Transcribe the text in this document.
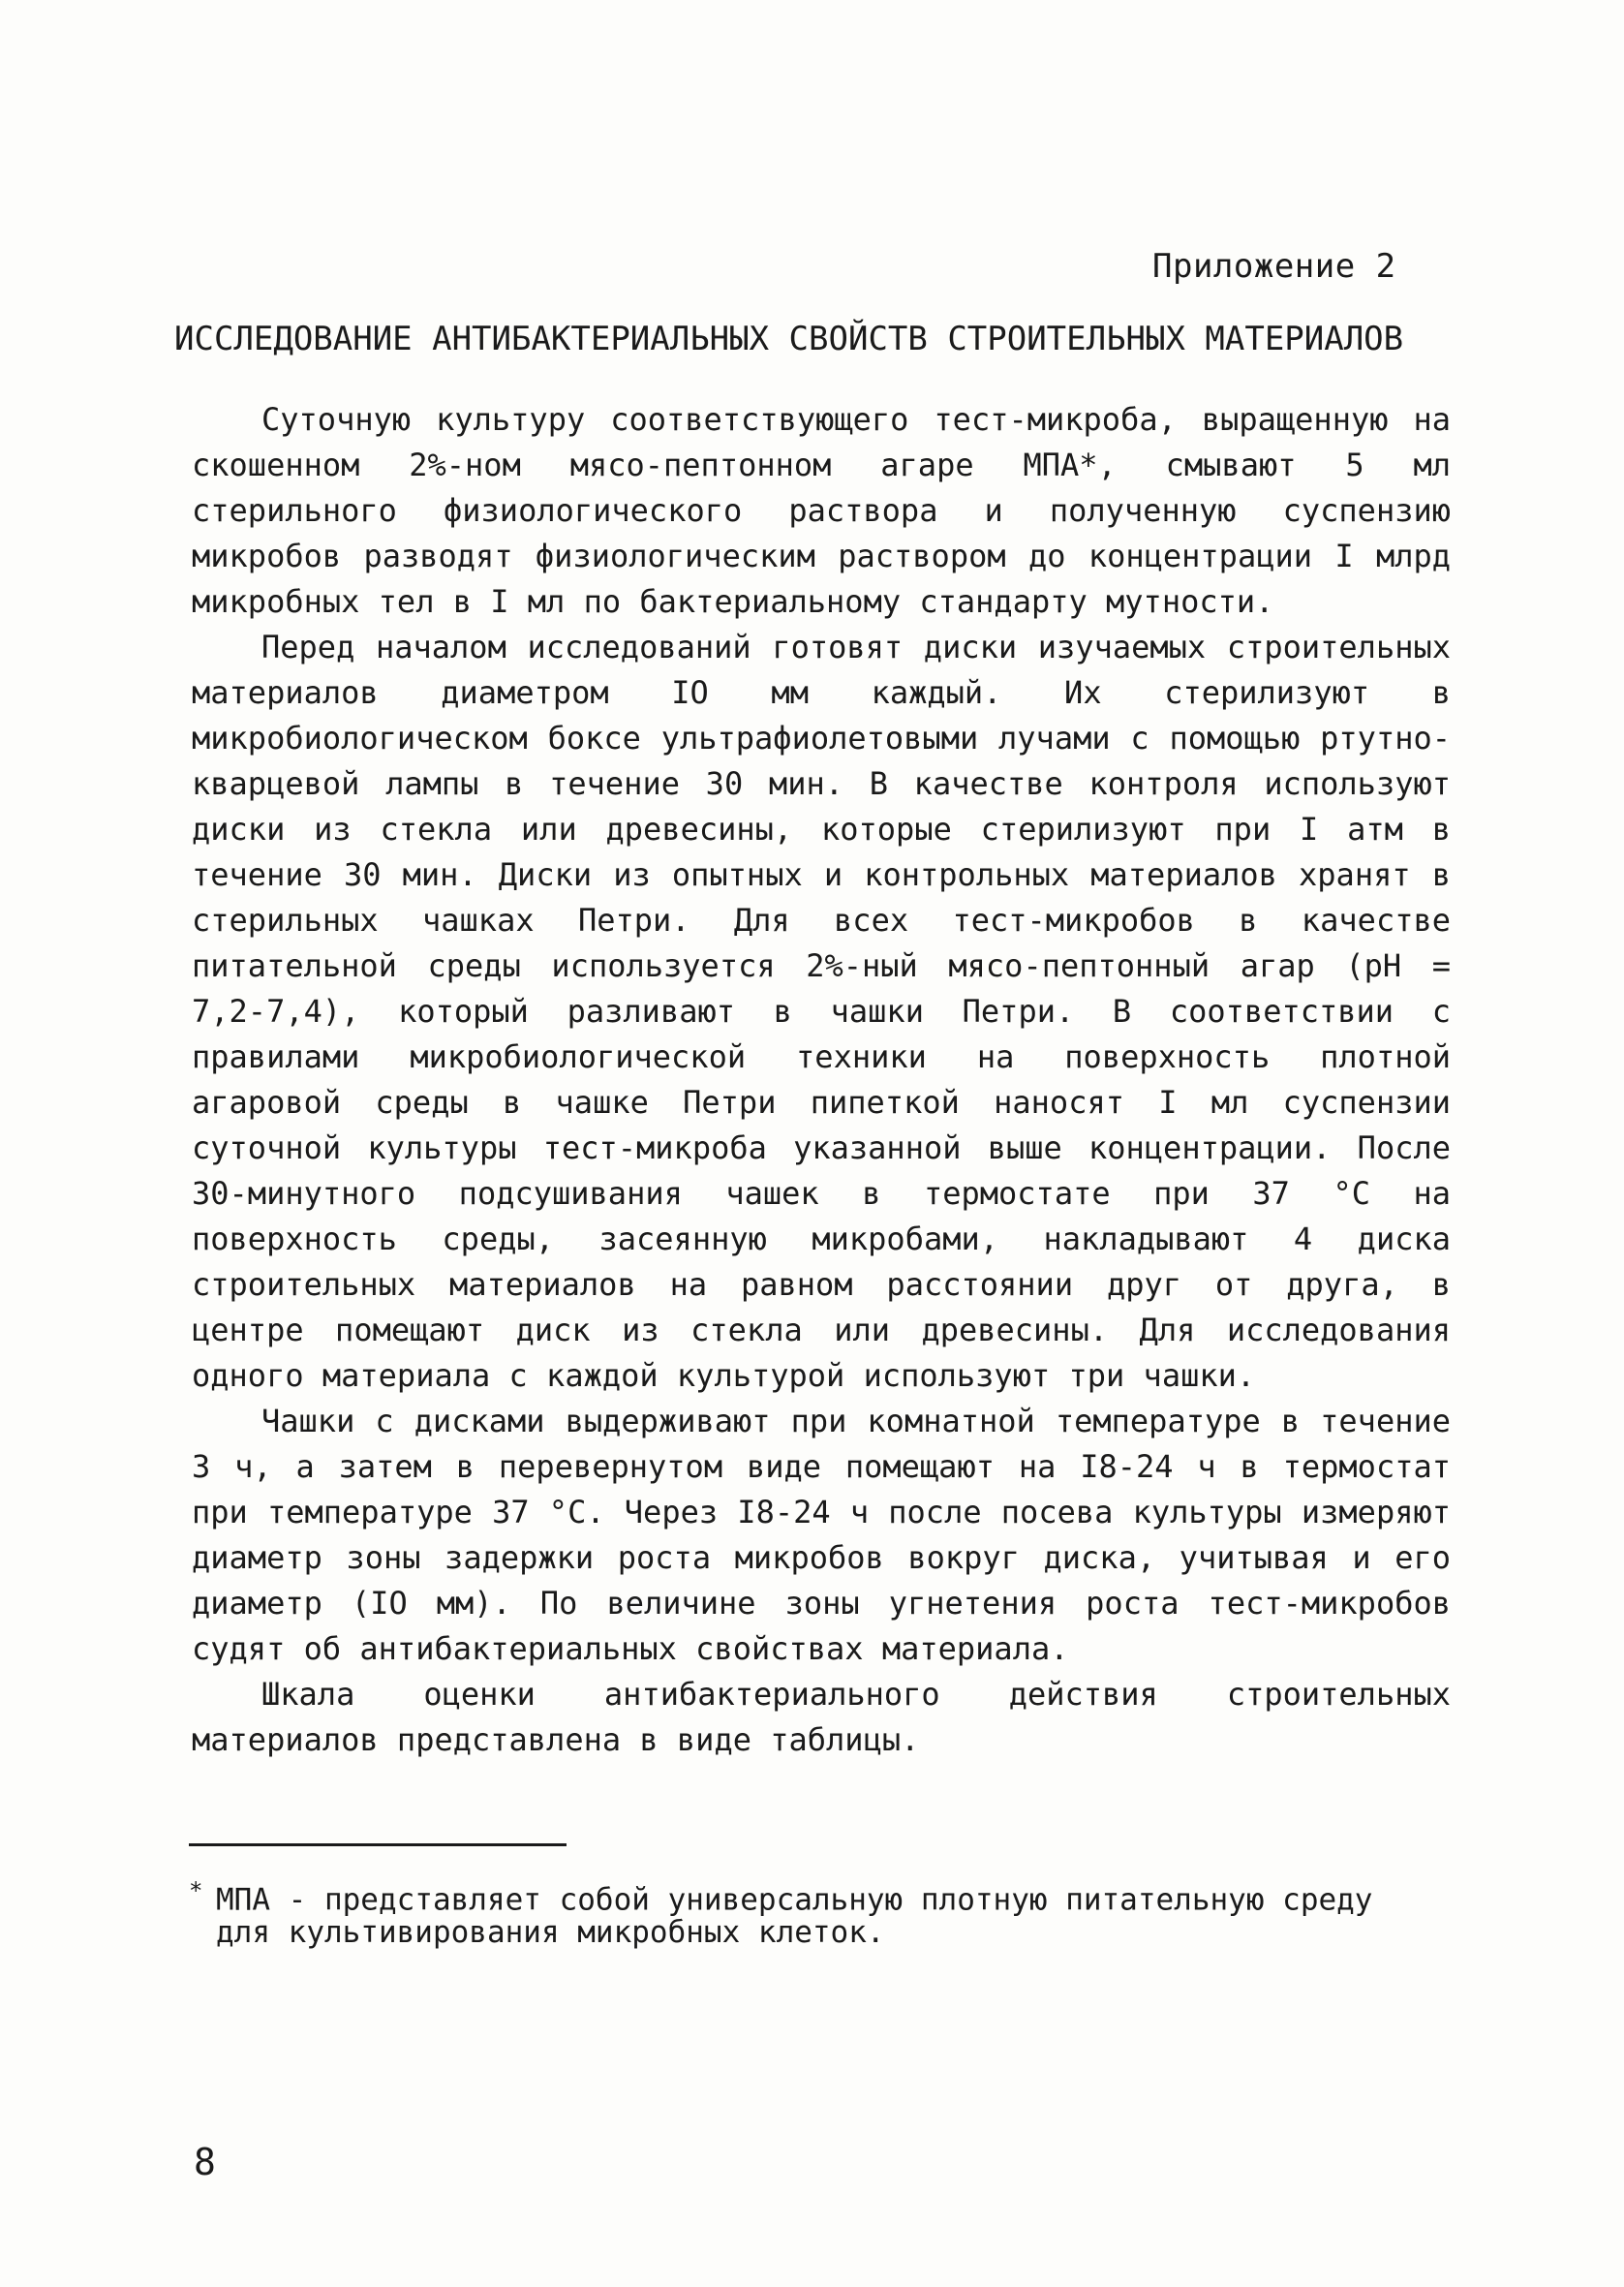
Приложение 2
ИССЛЕДОВАНИЕ АНТИБАКТЕРИАЛЬНЫХ СВОЙСТВ СТРОИТЕЛЬНЫХ МАТЕРИАЛОВ

Суточную культуру соответствующего тест-микроба, выращенную на скошенном 2%-ном мясо-пептонном агаре МПА*, смывают 5 мл стерильного физиологического раствора и полученную суспензию микробов разводят физиологическим раствором до концентрации I млрд микробных тел в I мл по бактериальному стандарту мутности.

Перед началом исследований готовят диски изучаемых строительных материалов диаметром IО мм каждый. Их стерилизуют в микробиологическом боксе ультрафиолетовыми лучами с помощью ртутно-кварцевой лампы в течение 30 мин. В качестве контроля используют диски из стекла или древесины, которые стерилизуют при I атм в течение 30 мин. Диски из опытных и контрольных материалов хранят в стерильных чашках Петри. Для всех тест-микробов в качестве питательной среды используется 2%-ный мясо-пептонный агар (рН = 7,2-7,4), который разливают в чашки Петри. В соответствии с правилами микробиологической техники на поверхность плотной агаровой среды в чашке Петри пипеткой наносят I мл суспензии суточной культуры тест-микроба указанной выше концентрации. После 30-минутного подсушивания чашек в термостате при 37 °С на поверхность среды, засеянную микробами, накладывают 4 диска строительных материалов на равном расстоянии друг от друга, в центре помещают диск из стекла или древесины. Для исследования одного материала с каждой культурой используют три чашки.

Чашки с дисками выдерживают при комнатной температуре в течение 3 ч, а затем в перевернутом виде помещают на I8-24 ч в термостат при температуре 37 °С. Через I8-24 ч после посева культуры измеряют диаметр зоны задержки роста микробов вокруг диска, учитывая и его диаметр (IО мм). По величине зоны угнетения роста тест-микробов судят об антибактериальных свойствах материала.

Шкала оценки антибактериального действия строительных материалов представлена в виде таблицы.

* МПА - представляет собой универсальную плотную питательную среду
для культивирования микробных клеток.
8
